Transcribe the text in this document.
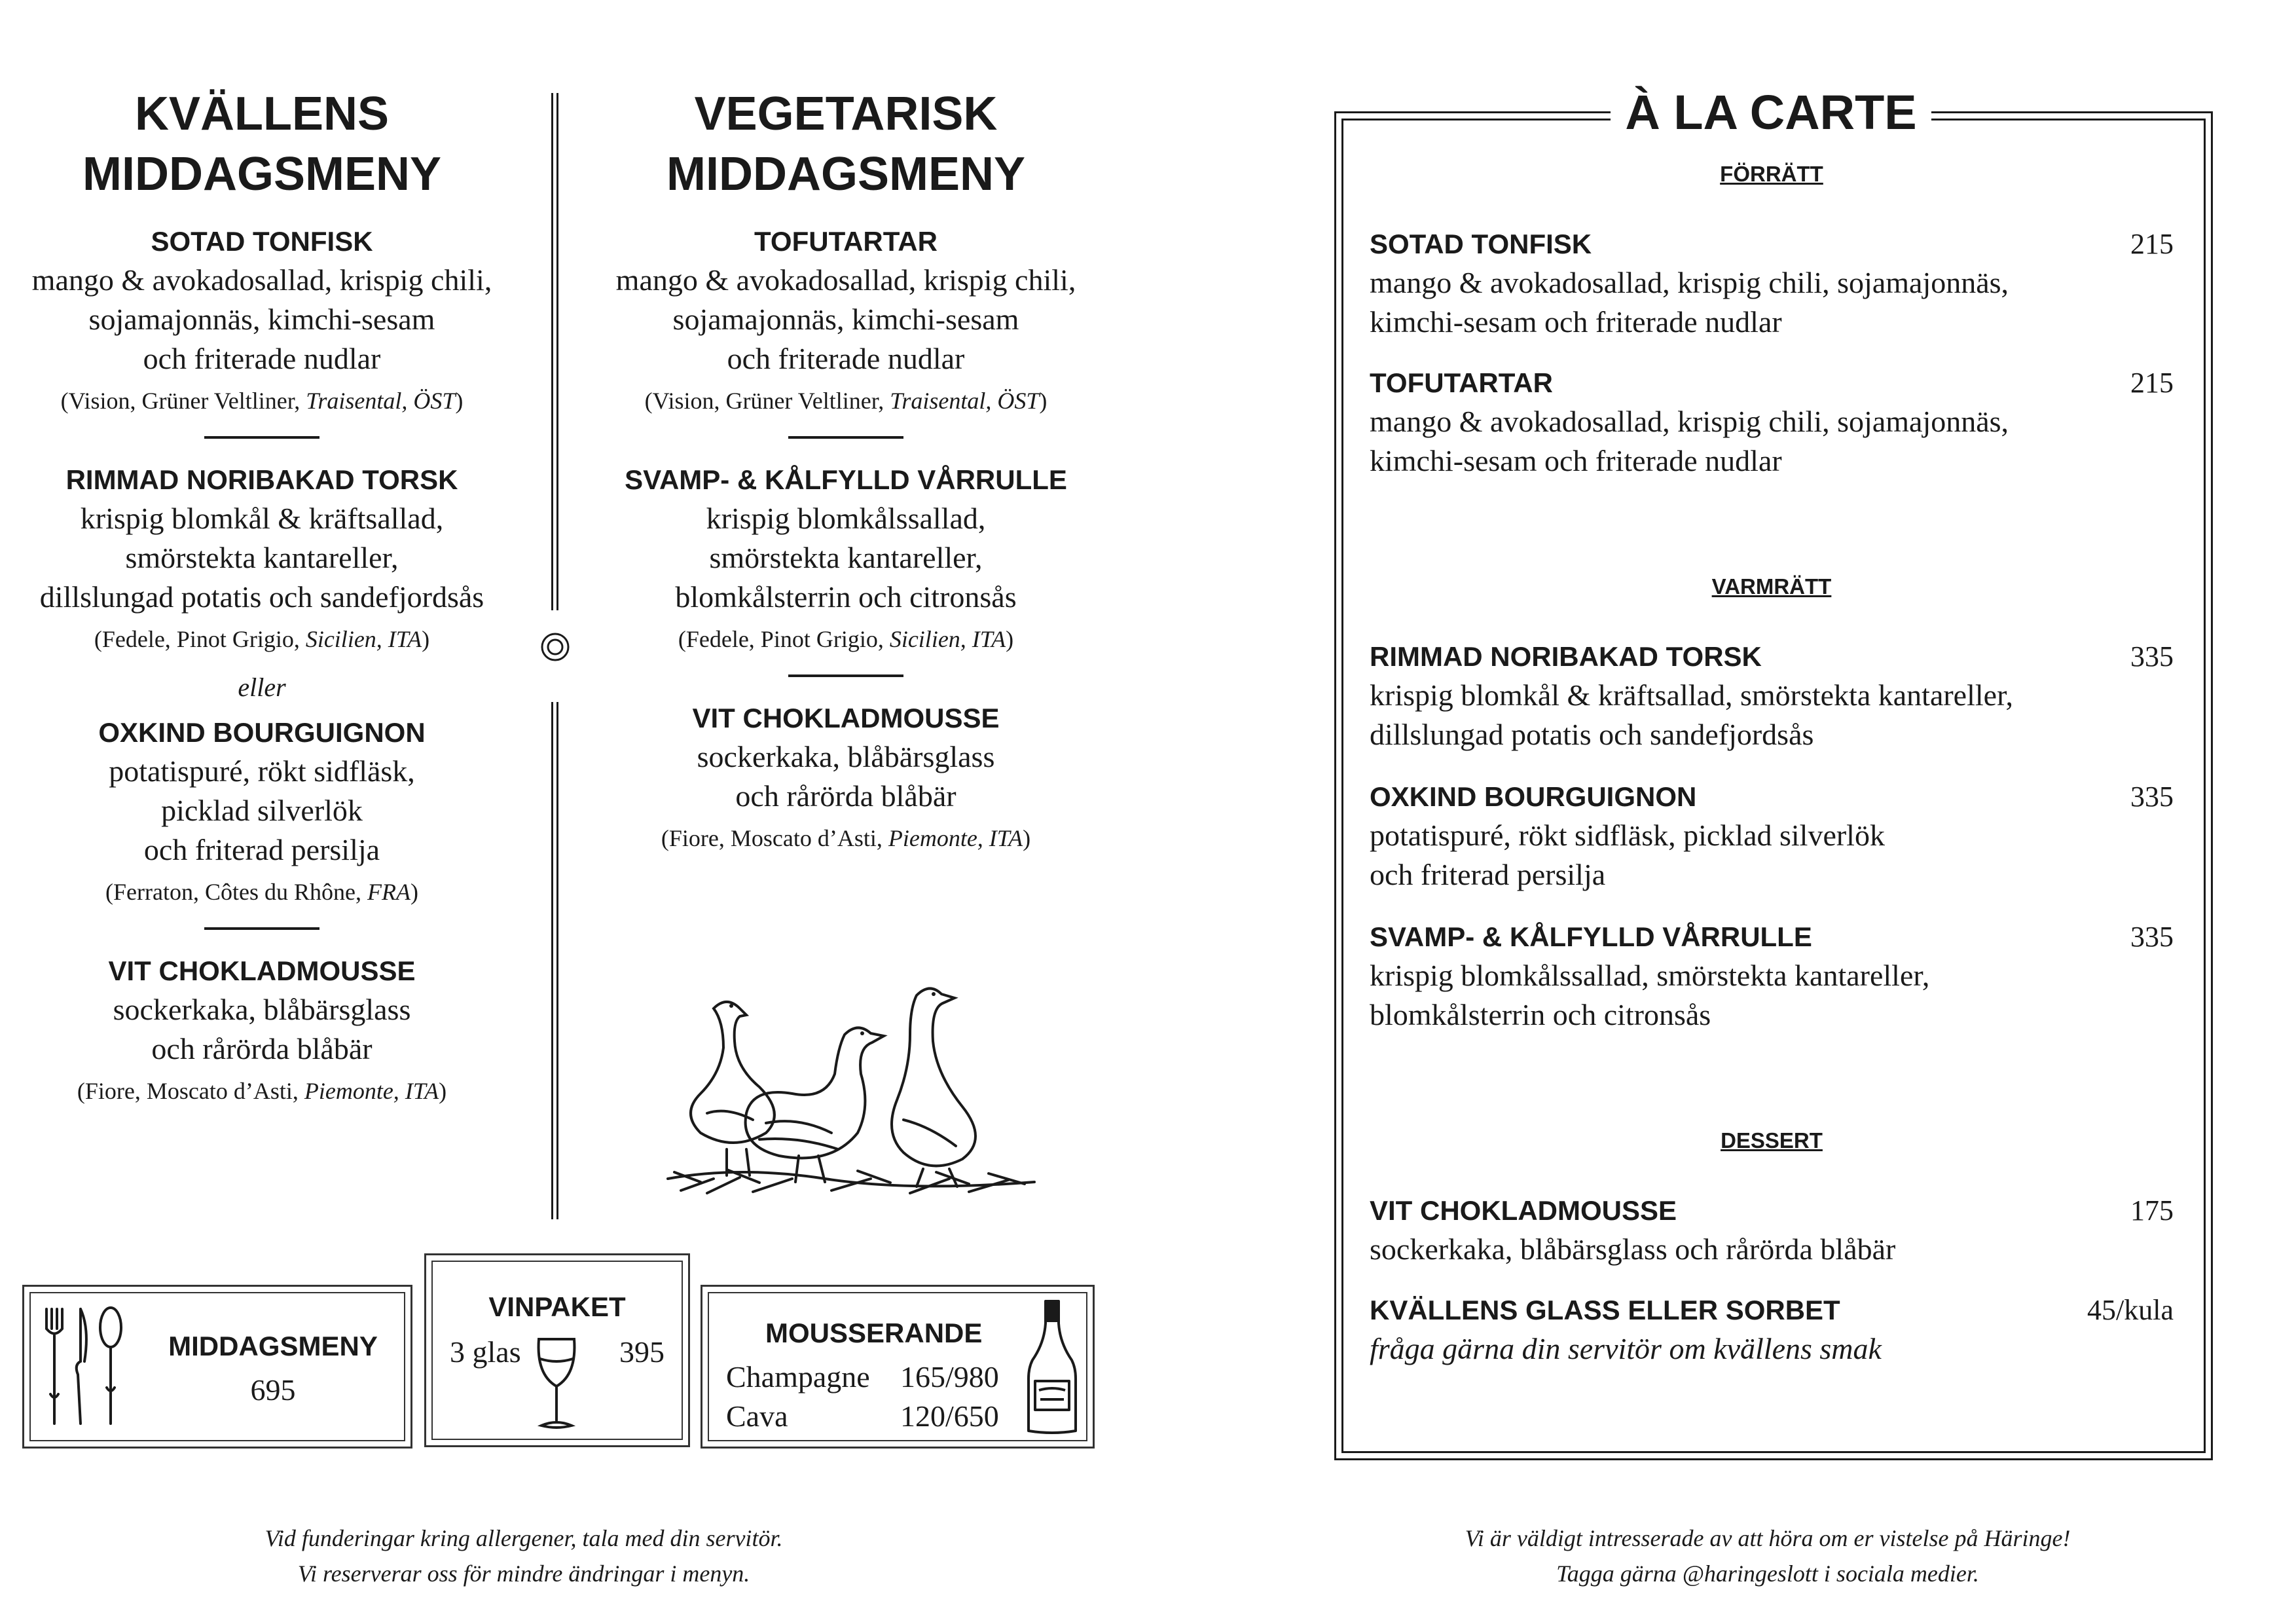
KVÄLLENS
MIDDAGSMENY
SOTAD TONFISK
mango & avokadosallad, krispig chili,
sojamajonnäs, kimchi-sesam
och friterade nudlar
(Vision, Grüner Veltliner, Traisental, ÖST)
RIMMAD NORIBAKAD TORSK
krispig blomkål & kräftsallad,
smörstekta kantareller,
dillslungad potatis och sandefjordsås
(Fedele, Pinot Grigio, Sicilien, ITA)
eller
OXKIND BOURGUIGNON
potatispuré, rökt sidfläsk,
picklad silverlök
och friterad persilja
(Ferraton, Côtes du Rhône, FRA)
VIT CHOKLADMOUSSE
sockerkaka, blåbärsglass
och rårörda blåbär
(Fiore, Moscato d’Asti, Piemonte, ITA)
VEGETARISK
MIDDAGSMENY
TOFUTARTAR
mango & avokadosallad, krispig chili,
sojamajonnäs, kimchi-sesam
och friterade nudlar
(Vision, Grüner Veltliner, Traisental, ÖST)
SVAMP- & KÅLFYLLD VÅRRULLE
krispig blomkålssallad,
smörstekta kantareller,
blomkålsterrin och citronsås
(Fedele, Pinot Grigio, Sicilien, ITA)
VIT CHOKLADMOUSSE
sockerkaka, blåbärsglass
och rårörda blåbär
(Fiore, Moscato d’Asti, Piemonte, ITA)
MIDDAGSMENY
695
VINPAKET
3 glas	395
MOUSSERANDE
Champagne 165/980
Cava	120/650
À LA CARTE
FÖRRÄTT
SOTAD TONFISK	215
mango & avokadosallad, krispig chili, sojamajonnäs,
kimchi-sesam och friterade nudlar
TOFUTARTAR	215
mango & avokadosallad, krispig chili, sojamajonnäs,
kimchi-sesam och friterade nudlar
VARMRÄTT
RIMMAD NORIBAKAD TORSK	335
krispig blomkål & kräftsallad, smörstekta kantareller,
dillslungad potatis och sandefjordsås
OXKIND BOURGUIGNON	335
potatispuré, rökt sidfläsk, picklad silverlök
och friterad persilja
SVAMP- & KÅLFYLLD VÅRRULLE	335
krispig blomkålssallad, smörstekta kantareller,
blomkålsterrin och citronsås
DESSERT
VIT CHOKLADMOUSSE	175
sockerkaka, blåbärsglass och rårörda blåbär
KVÄLLENS GLASS ELLER SORBET	45/kula
fråga gärna din servitör om kvällens smak
Vid funderingar kring allergener, tala med din servitör.
Vi reserverar oss för mindre ändringar i menyn.
Vi är väldigt intresserade av att höra om er vistelse på Häringe!
Tagga gärna @haringeslott i sociala medier.
